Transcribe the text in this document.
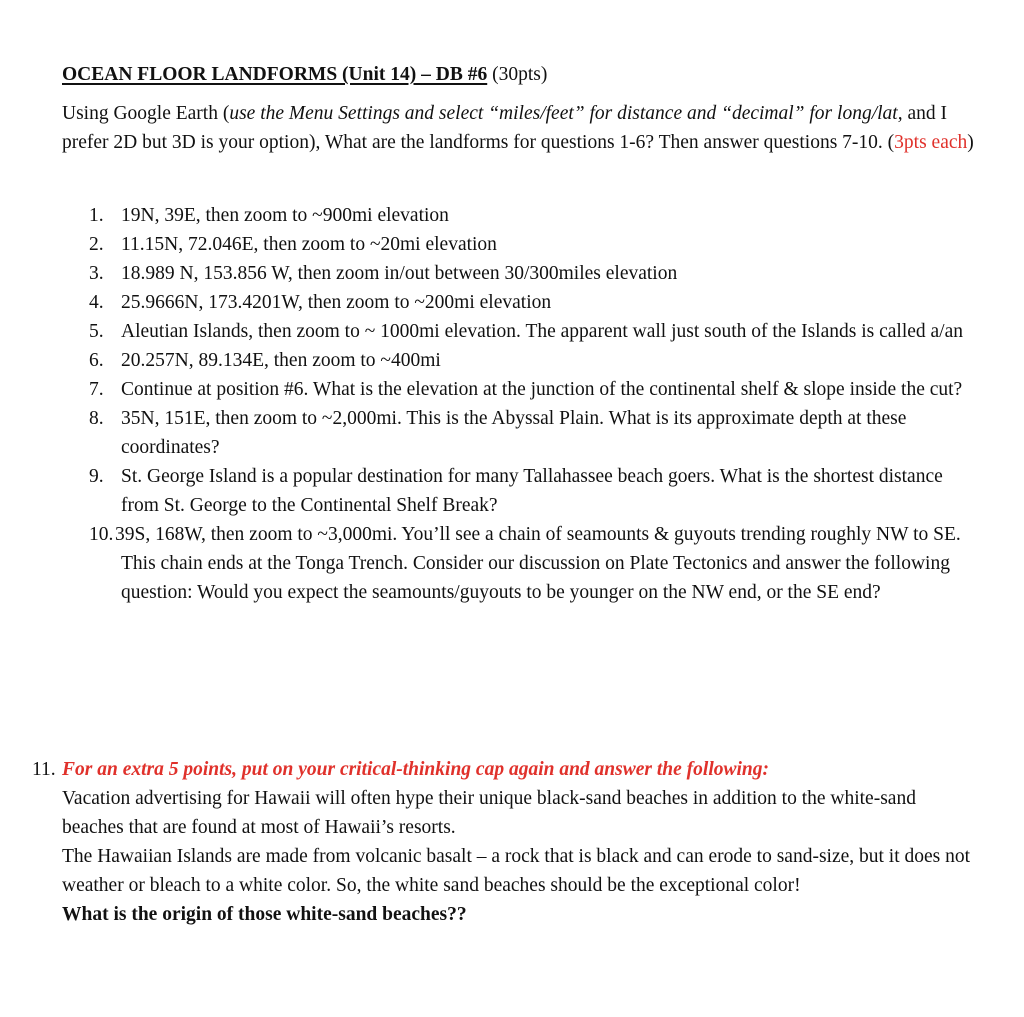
OCEAN FLOOR LANDFORMS (Unit 14) – DB #6 (30pts)
Using Google Earth (use the Menu Settings and select “miles/feet” for distance and “decimal” for long/lat, and I prefer 2D but 3D is your option), What are the landforms for questions 1-6? Then answer questions 7-10. (3pts each)
1. 19N, 39E, then zoom to ~900mi elevation
2. 11.15N, 72.046E, then zoom to ~20mi elevation
3. 18.989 N, 153.856 W, then zoom in/out between 30/300miles elevation
4. 25.9666N, 173.4201W, then zoom to ~200mi elevation
5. Aleutian Islands, then zoom to ~ 1000mi elevation. The apparent wall just south of the Islands is called a/an
6. 20.257N, 89.134E, then zoom to ~400mi
7. Continue at position #6. What is the elevation at the junction of the continental shelf & slope inside the cut?
8. 35N, 151E, then zoom to ~2,000mi. This is the Abyssal Plain. What is its approximate depth at these coordinates?
9. St. George Island is a popular destination for many Tallahassee beach goers. What is the shortest distance from St. George to the Continental Shelf Break?
10. 39S, 168W, then zoom to ~3,000mi. You’ll see a chain of seamounts & guyouts trending roughly NW to SE. This chain ends at the Tonga Trench. Consider our discussion on Plate Tectonics and answer the following question: Would you expect the seamounts/guyouts to be younger on the NW end, or the SE end?
11. For an extra 5 points, put on your critical-thinking cap again and answer the following:
Vacation advertising for Hawaii will often hype their unique black-sand beaches in addition to the white-sand beaches that are found at most of Hawaii’s resorts.
The Hawaiian Islands are made from volcanic basalt – a rock that is black and can erode to sand-size, but it does not weather or bleach to a white color. So, the white sand beaches should be the exceptional color!
What is the origin of those white-sand beaches??
